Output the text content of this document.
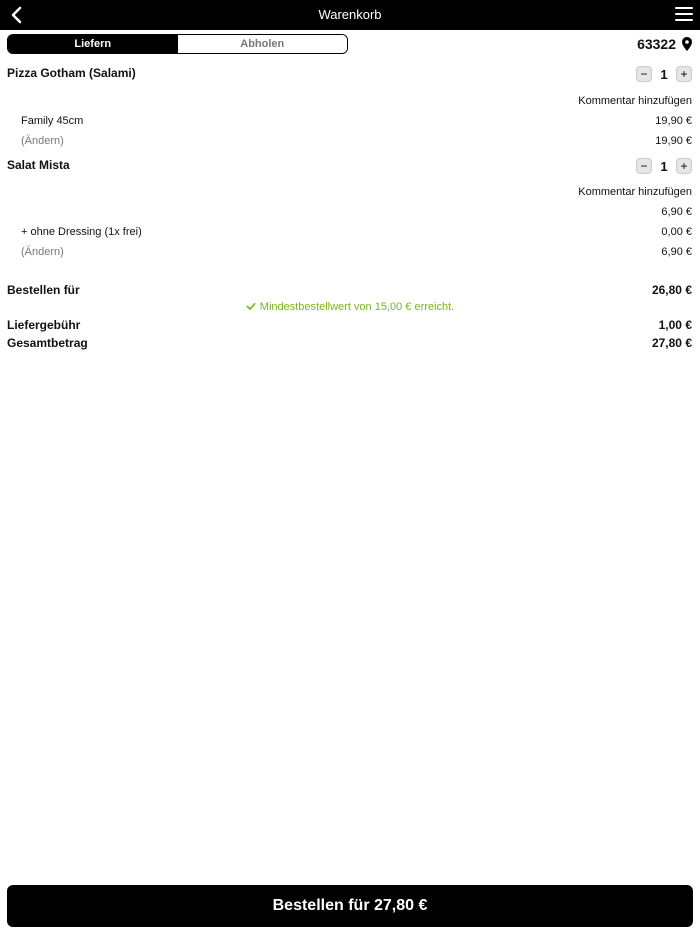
Warenkorb
Liefern	Abholen	63322
Pizza Gotham (Salami)	− 1	+
Kommentar hinzufügen
Family 45cm	19,90 €
(Ändern)	19,90 €
Salat Mista	− 1	+
Kommentar hinzufügen
6,90 €
+ ohne Dressing (1x frei)	0,00 €
(Ändern)	6,90 €
Bestellen für	26,80 €
Mindestbestellwert von 15,00 € erreicht.
Liefergebühr	1,00 €
Gesamtbetrag	27,80 €
Bestellen für 27,80 €
